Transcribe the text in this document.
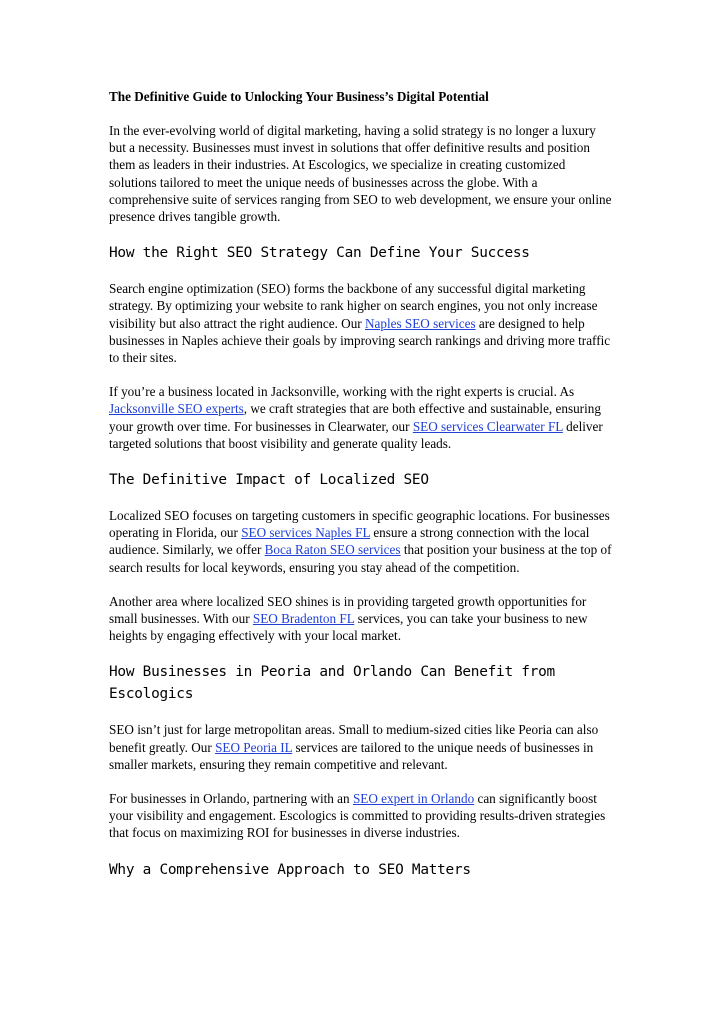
The Definitive Guide to Unlocking Your Business’s Digital Potential

In the ever-evolving world of digital marketing, having a solid strategy is no longer a luxury but a necessity. Businesses must invest in solutions that offer definitive results and position them as leaders in their industries. At Escologics, we specialize in creating customized solutions tailored to meet the unique needs of businesses across the globe. With a comprehensive suite of services ranging from SEO to web development, we ensure your online presence drives tangible growth.

How the Right SEO Strategy Can Define Your Success

Search engine optimization (SEO) forms the backbone of any successful digital marketing strategy. By optimizing your website to rank higher on search engines, you not only increase visibility but also attract the right audience. Our Naples SEO services are designed to help businesses in Naples achieve their goals by improving search rankings and driving more traffic to their sites.

If you’re a business located in Jacksonville, working with the right experts is crucial. As Jacksonville SEO experts, we craft strategies that are both effective and sustainable, ensuring your growth over time. For businesses in Clearwater, our SEO services Clearwater FL deliver targeted solutions that boost visibility and generate quality leads.

The Definitive Impact of Localized SEO

Localized SEO focuses on targeting customers in specific geographic locations. For businesses operating in Florida, our SEO services Naples FL ensure a strong connection with the local audience. Similarly, we offer Boca Raton SEO services that position your business at the top of search results for local keywords, ensuring you stay ahead of the competition.

Another area where localized SEO shines is in providing targeted growth opportunities for small businesses. With our SEO Bradenton FL services, you can take your business to new heights by engaging effectively with your local market.

How Businesses in Peoria and Orlando Can Benefit from Escologics

SEO isn’t just for large metropolitan areas. Small to medium-sized cities like Peoria can also benefit greatly. Our SEO Peoria IL services are tailored to the unique needs of businesses in smaller markets, ensuring they remain competitive and relevant.

For businesses in Orlando, partnering with an SEO expert in Orlando can significantly boost your visibility and engagement. Escologics is committed to providing results-driven strategies that focus on maximizing ROI for businesses in diverse industries.

Why a Comprehensive Approach to SEO Matters
